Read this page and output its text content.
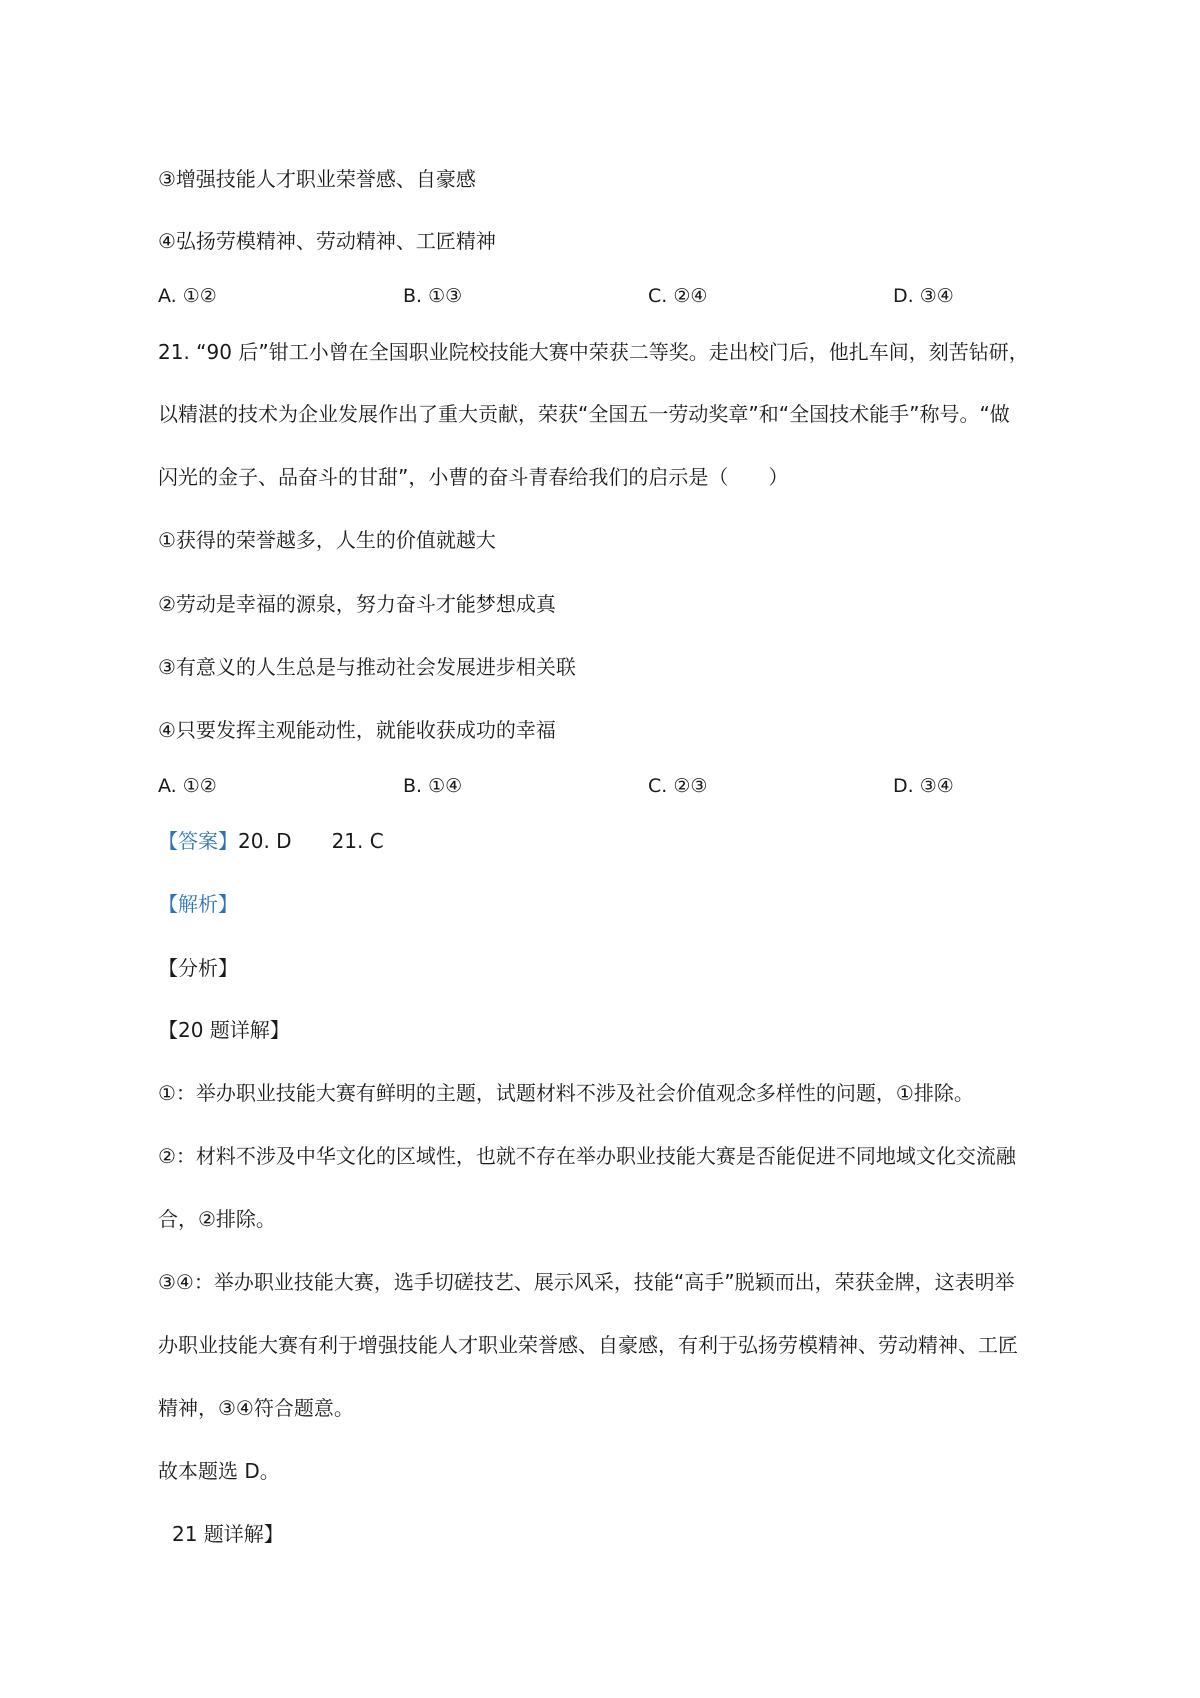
③增强技能人才职业荣誉感、自豪感
④弘扬劳模精神、劳动精神、工匠精神
A. ①②	B. ①③	C. ②④	D. ③④
21. “90 后”钳工小曾在全国职业院校技能大赛中荣获二等奖。走出校门后，他扎车间，刻苦钻研，
以精湛的技术为企业发展作出了重大贡献，荣获“全国五一劳动奖章”和“全国技术能手”称号。“做
闪光的金子、品奋斗的甘甜”，小曹的奋斗青春给我们的启示是（　　）
①获得的荣誉越多，人生的价值就越大
②劳动是幸福的源泉，努力奋斗才能梦想成真
③有意义的人生总是与推动社会发展进步相关联
④只要发挥主观能动性，就能收获成功的幸福
A. ①②	B. ①④	C. ②③	D. ③④
【答案】20. D 21. C
【解析】
【分析】
【20 题详解】
①：举办职业技能大赛有鲜明的主题，试题材料不涉及社会价值观念多样性的问题，①排除。
②：材料不涉及中华文化的区域性，也就不存在举办职业技能大赛是否能促进不同地域文化交流融
合，②排除。
③④：举办职业技能大赛，选手切磋技艺、展示风采，技能“高手”脱颖而出，荣获金牌，这表明举
办职业技能大赛有利于增强技能人才职业荣誉感、自豪感，有利于弘扬劳模精神、劳动精神、工匠
精神，③④符合题意。
故本题选 D。
21 题详解】
